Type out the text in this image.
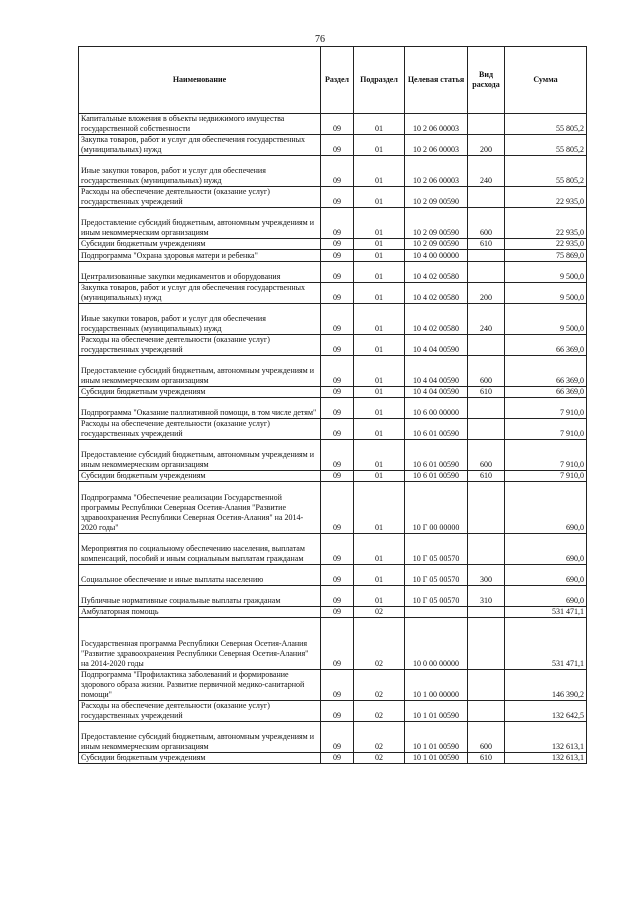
76
Наименование	Раздел	Подраздел	Целевая статья	Вид расхода	Сумма
Капитальные вложения в объекты недвижимого имущества государственной собственности	09	01	10 2 06 00003		55 805,2
Закупка товаров, работ и услуг для обеспечения государственных (муниципальных) нужд	09	01	10 2 06 00003	200	55 805,2
Иные закупки товаров, работ и услуг для обеспечения государственных (муниципальных) нужд	09	01	10 2 06 00003	240	55 805,2
Расходы на обеспечение деятельности (оказание услуг) государственных учреждений	09	01	10 2 09 00590		22 935,0
Предоставление субсидий бюджетным, автономным учреждениям и иным некоммерческим организациям	09	01	10 2 09 00590	600	22 935,0
Субсидии бюджетным учреждениям	09	01	10 2 09 00590	610	22 935,0
Подпрограмма "Охрана здоровья матери и ребенка"	09	01	10 4 00 00000		75 869,0
Централизованные закупки медикаментов и оборудования	09	01	10 4 02 00580		9 500,0
Закупка товаров, работ и услуг для обеспечения государственных (муниципальных) нужд	09	01	10 4 02 00580	200	9 500,0
Иные закупки товаров, работ и услуг для обеспечения государственных (муниципальных) нужд	09	01	10 4 02 00580	240	9 500,0
Расходы на обеспечение деятельности (оказание услуг) государственных учреждений	09	01	10 4 04 00590		66 369,0
Предоставление субсидий бюджетным, автономным учреждениям и иным некоммерческим организациям	09	01	10 4 04 00590	600	66 369,0
Субсидии бюджетным учреждениям	09	01	10 4 04 00590	610	66 369,0
Подпрограмма "Оказание паллиативной помощи, в том числе детям"	09	01	10 6 00 00000		7 910,0
Расходы на обеспечение деятельности (оказание услуг) государственных учреждений	09	01	10 6 01 00590		7 910,0
Предоставление субсидий бюджетным, автономным учреждениям и иным некоммерческим организациям	09	01	10 6 01 00590	600	7 910,0
Субсидии бюджетным учреждениям	09	01	10 6 01 00590	610	7 910,0
Подпрограмма "Обеспечение реализации Государственной программы Республики Северная Осетия-Алания "Развитие здравоохранения Республики Северная Осетия-Алания" на 2014-2020 годы"	09	01	10 Г 00 00000		690,0
Мероприятия по социальному обеспечению населения, выплатам компенсаций, пособий и иным социальным выплатам гражданам	09	01	10 Г 05 00570		690,0
Социальное обеспечение и иные выплаты населению	09	01	10 Г 05 00570	300	690,0
Публичные нормативные социальные выплаты гражданам	09	01	10 Г 05 00570	310	690,0
Амбулаторная помощь	09	02			531 471,1
Государственная программа Республики Северная Осетия-Алания "Развитие здравоохранения Республики Северная Осетия-Алания" на 2014-2020 годы	09	02	10 0 00 00000		531 471,1
Подпрограмма "Профилактика заболеваний и формирование здорового образа жизни. Развитие первичной медико-санитарной помощи"	09	02	10 1 00 00000		146 390,2
Расходы на обеспечение деятельности (оказание услуг) государственных учреждений	09	02	10 1 01 00590		132 642,5
Предоставление субсидий бюджетным, автономным учреждениям и иным некоммерческим организациям	09	02	10 1 01 00590	600	132 613,1
Субсидии бюджетным учреждениям	09	02	10 1 01 00590	610	132 613,1
